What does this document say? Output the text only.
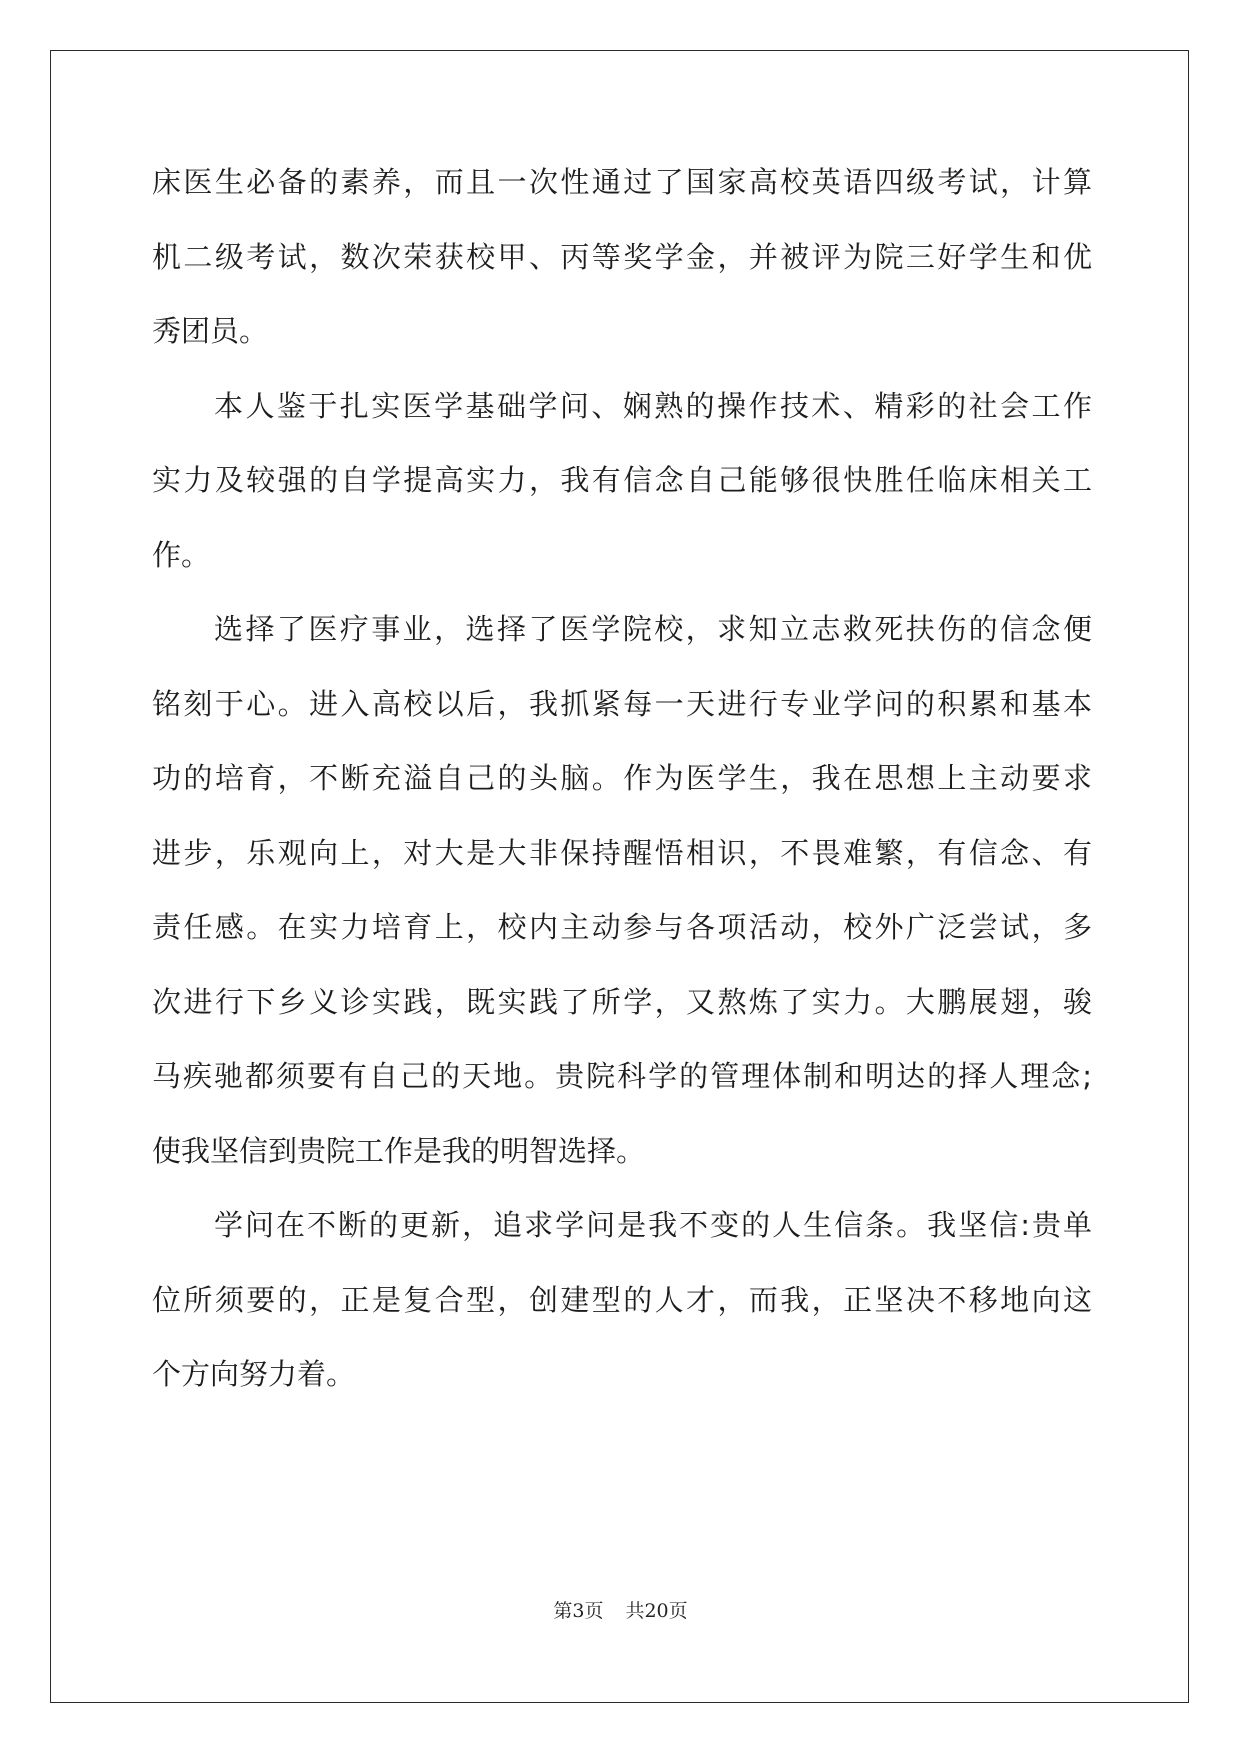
床医生必备的素养，而且一次性通过了国家高校英语四级考试，计算
机二级考试，数次荣获校甲、丙等奖学金，并被评为院三好学生和优
秀团员。
本人鉴于扎实医学基础学问、娴熟的操作技术、精彩的社会工作
实力及较强的自学提高实力，我有信念自己能够很快胜任临床相关工
作。
选择了医疗事业，选择了医学院校，求知立志救死扶伤的信念便
铭刻于心。进入高校以后，我抓紧每一天进行专业学问的积累和基本
功的培育，不断充溢自己的头脑。作为医学生，我在思想上主动要求
进步，乐观向上，对大是大非保持醒悟相识，不畏难繁，有信念、有
责任感。在实力培育上，校内主动参与各项活动，校外广泛尝试，多
次进行下乡义诊实践，既实践了所学，又熬炼了实力。大鹏展翅，骏
马疾驰都须要有自己的天地。贵院科学的管理体制和明达的择人理念;
使我坚信到贵院工作是我的明智选择。
学问在不断的更新，追求学问是我不变的人生信条。我坚信:贵单
位所须要的，正是复合型，创建型的人才，而我，正坚决不移地向这
个方向努力着。
第3页 共20页
